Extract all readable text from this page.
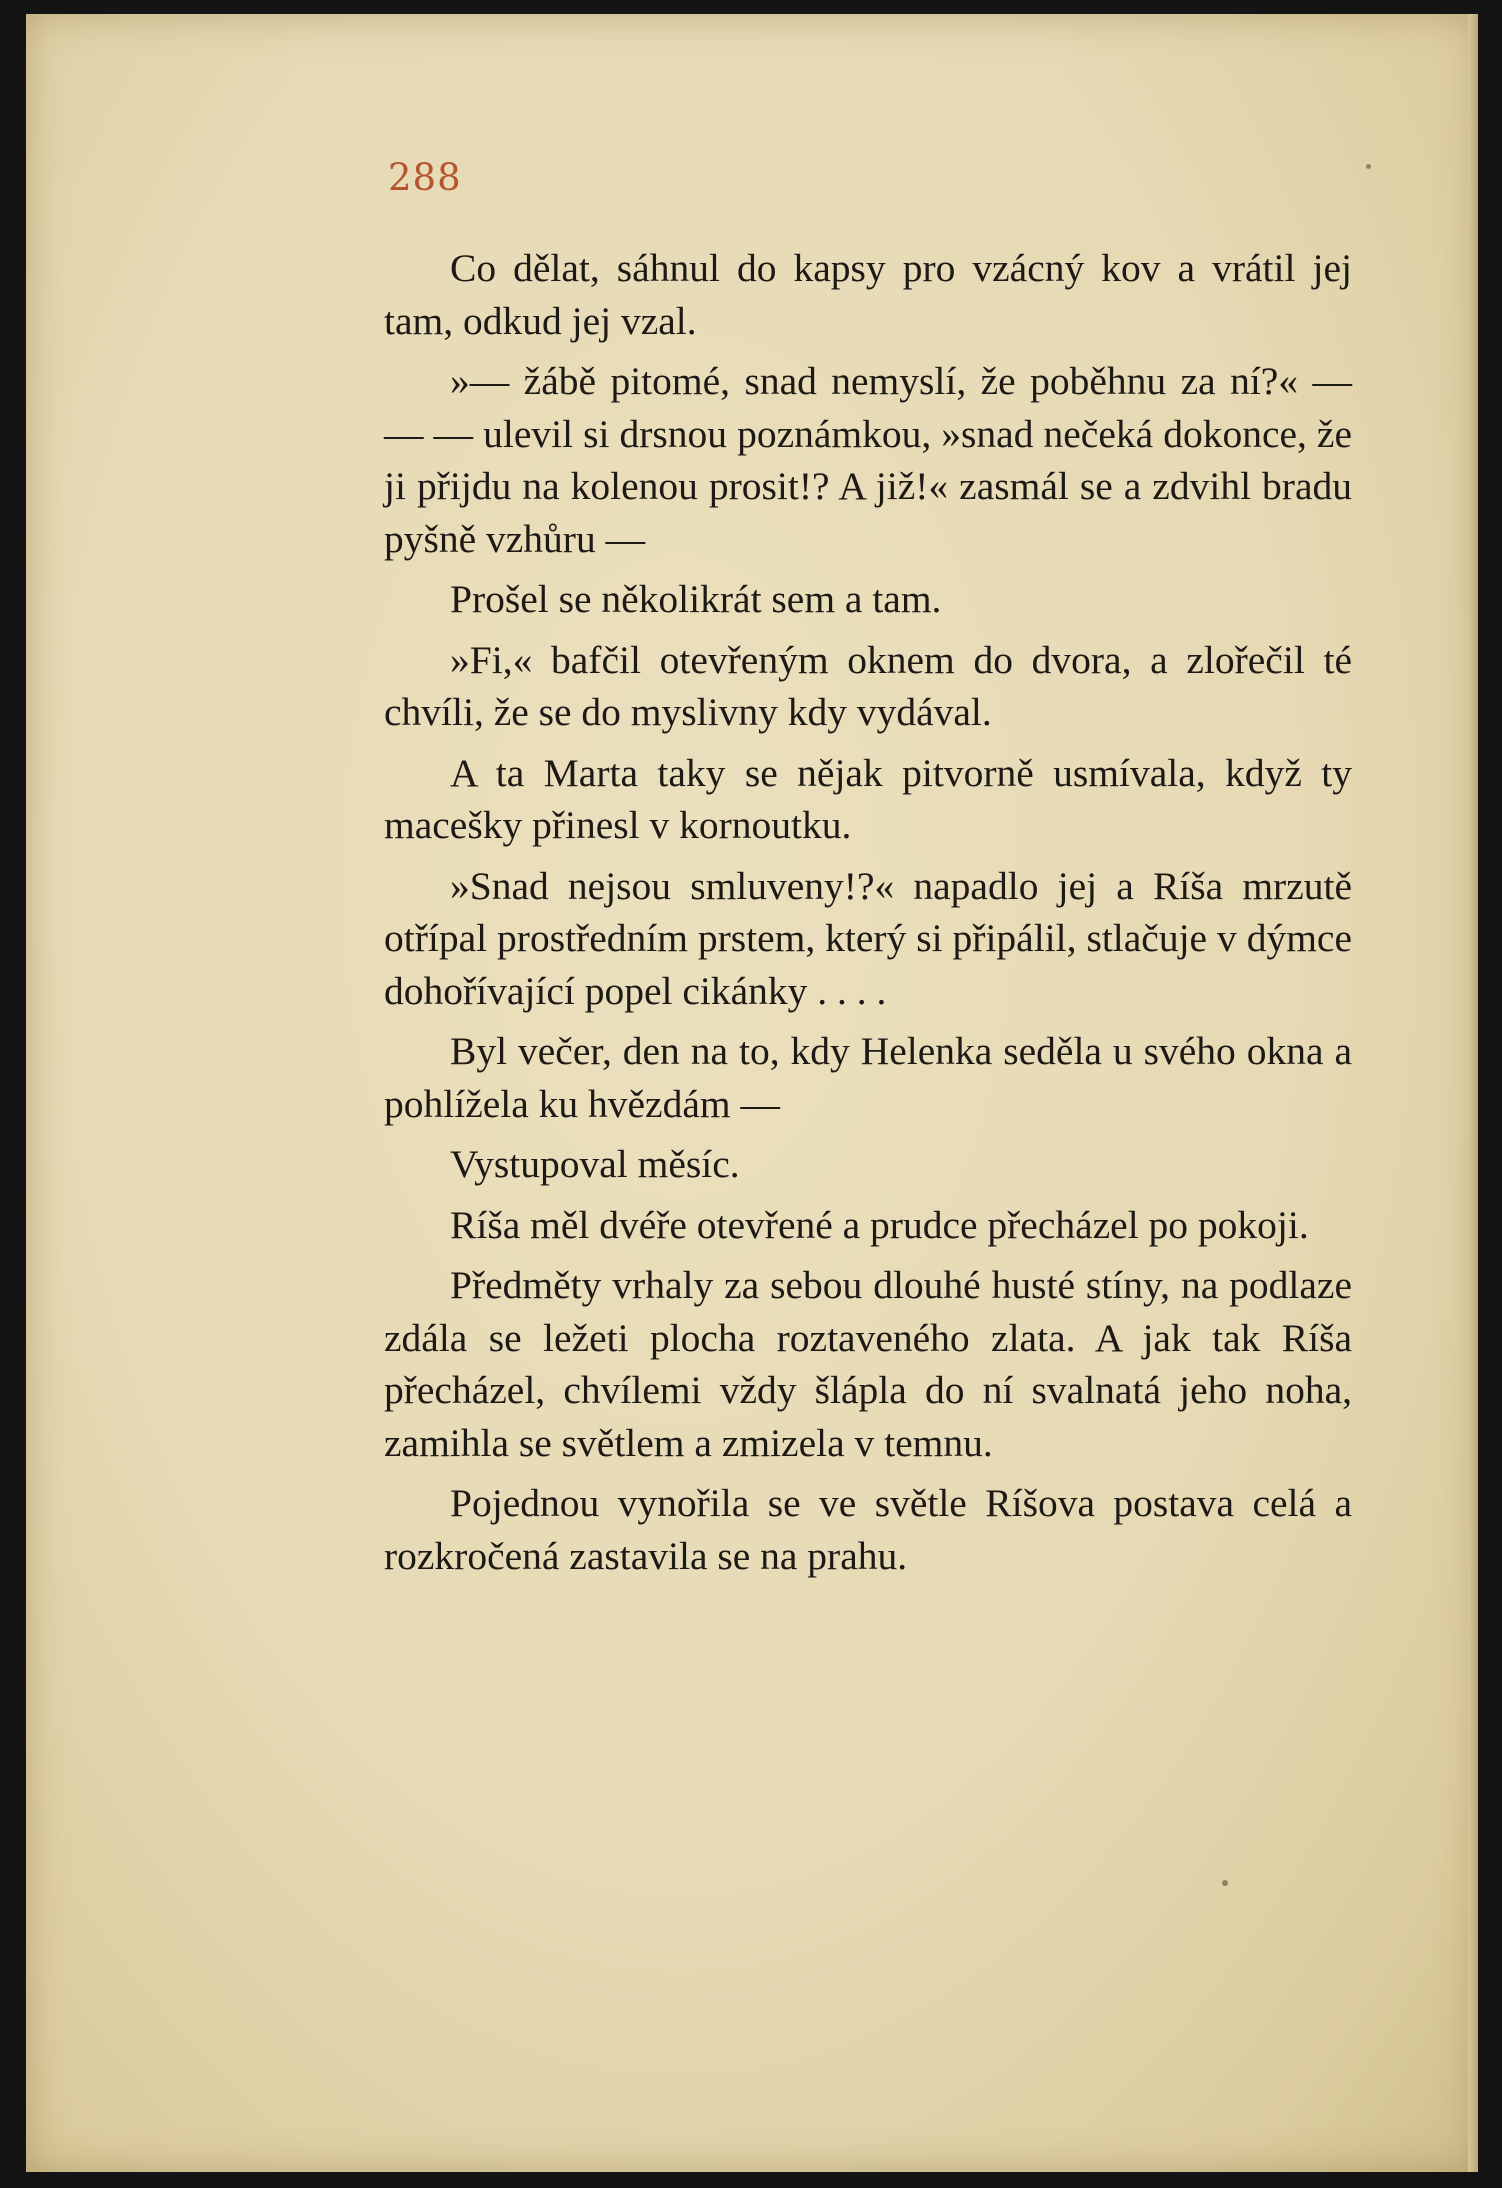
288

Co dělat, sáhnul do kapsy pro vzácný kov a vrátil jej tam, odkud jej vzal.

»— žábě pitomé, snad nemyslí, že poběhnu za ní?« — — — ulevil si drsnou poznámkou, »snad nečeká dokonce, že ji přijdu na kolenou prosit!? A již!« zasmál se a zdvihl bradu pyšně vzhůru —

Prošel se několikrát sem a tam.

»Fi,« bafčil otevřeným oknem do dvora, a zlořečil té chvíli, že se do myslivny kdy vydával.

A ta Marta taky se nějak pitvorně usmívala, když ty macešky přinesl v kornoutku.

»Snad nejsou smluveny!?« napadlo jej a Ríša mrzutě otřípal prostředním prstem, který si připálil, stlačuje v dýmce dohořívající popel cikánky . . . .

Byl večer, den na to, kdy Helenka seděla u svého okna a pohlížela ku hvězdám —

Vystupoval měsíc.

Ríša měl dvéře otevřené a prudce přecházel po pokoji.

Předměty vrhaly za sebou dlouhé husté stíny, na podlaze zdála se ležeti plocha roztaveného zlata. A jak tak Ríša přecházel, chvílemi vždy šlápla do ní svalnatá jeho noha, zamihla se světlem a zmizela v temnu.

Pojednou vynořila se ve světle Ríšova postava celá a rozkročená zastavila se na prahu.
